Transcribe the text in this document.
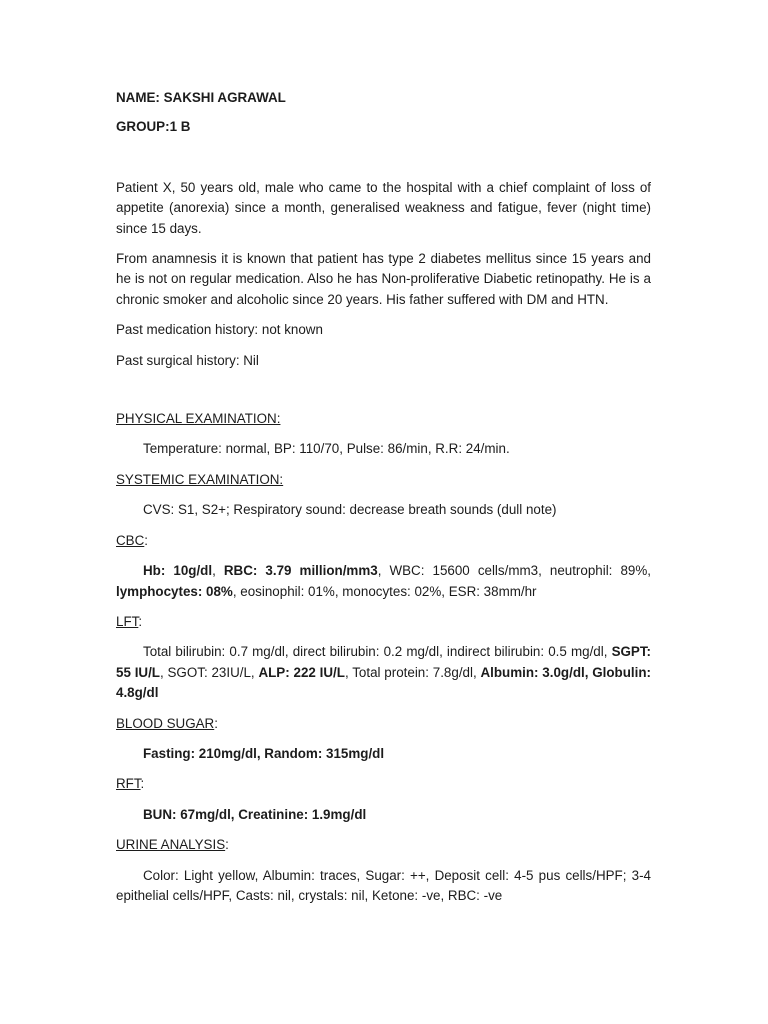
NAME: SAKSHI AGRAWAL

GROUP:1 B

Patient X, 50 years old, male who came to the hospital with a chief complaint of loss of appetite (anorexia) since a month, generalised weakness and fatigue, fever (night time) since 15 days.

From anamnesis it is known that patient has type 2 diabetes mellitus since 15 years and he is not on regular medication. Also he has Non-proliferative Diabetic retinopathy. He is a chronic smoker and alcoholic since 20 years. His father suffered with DM and HTN.

Past medication history: not known

Past surgical history: Nil

PHYSICAL EXAMINATION:

Temperature: normal, BP: 110/70, Pulse: 86/min, R.R: 24/min.

SYSTEMIC EXAMINATION:

CVS: S1, S2+; Respiratory sound: decrease breath sounds (dull note)

CBC:

Hb: 10g/dl, RBC: 3.79 million/mm3, WBC: 15600 cells/mm3, neutrophil: 89%, lymphocytes: 08%, eosinophil: 01%, monocytes: 02%, ESR: 38mm/hr

LFT:

Total bilirubin: 0.7 mg/dl, direct bilirubin: 0.2 mg/dl, indirect bilirubin: 0.5 mg/dl, SGPT: 55 IU/L, SGOT: 23IU/L, ALP: 222 IU/L, Total protein: 7.8g/dl, Albumin: 3.0g/dl, Globulin: 4.8g/dl

BLOOD SUGAR:

Fasting: 210mg/dl, Random: 315mg/dl

RFT:

BUN: 67mg/dl, Creatinine: 1.9mg/dl

URINE ANALYSIS:

Color: Light yellow, Albumin: traces, Sugar: ++, Deposit cell: 4-5 pus cells/HPF; 3-4 epithelial cells/HPF, Casts: nil, crystals: nil, Ketone: -ve, RBC: -ve
